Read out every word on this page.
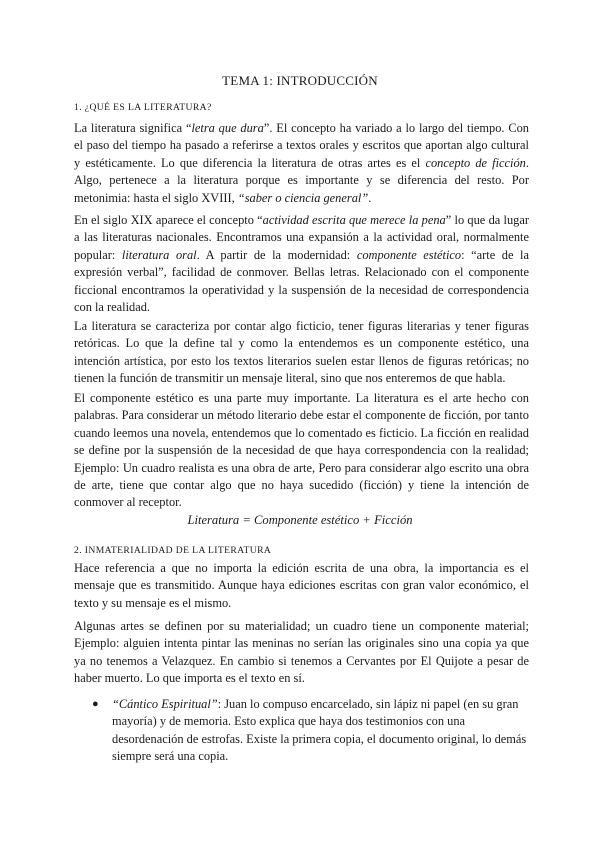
TEMA 1: INTRODUCCIÓN
1. ¿QUÉ ES LA LITERATURA?

La literatura significa “letra que dura”. El concepto ha variado a lo largo del tiempo. Con el paso del tiempo ha pasado a referirse a textos orales y escritos que aportan algo cultural y estéticamente. Lo que diferencia la literatura de otras artes es el concepto de ficción. Algo, pertenece a la literatura porque es importante y se diferencia del resto. Por metonimia: hasta el siglo XVIII, “saber o ciencia general”.

En el siglo XIX aparece el concepto “actividad escrita que merece la pena” lo que da lugar a las literaturas nacionales. Encontramos una expansión a la actividad oral, normalmente popular: literatura oral. A partir de la modernidad: componente estético: “arte de la expresión verbal”, facilidad de conmover. Bellas letras. Relacionado con el componente ficcional encontramos la operatividad y la suspensión de la necesidad de correspondencia con la realidad.

La literatura se caracteriza por contar algo ficticio, tener figuras literarias y tener figuras retóricas. Lo que la define tal y como la entendemos es un componente estético, una intención artística, por esto los textos literarios suelen estar llenos de figuras retóricas; no tienen la función de transmitir un mensaje literal, sino que nos enteremos de que habla.

El componente estético es una parte muy importante. La literatura es el arte hecho con palabras. Para considerar un método literario debe estar el componente de ficción, por tanto cuando leemos una novela, entendemos que lo comentado es ficticio. La ficción en realidad se define por la suspensión de la necesidad de que haya correspondencia con la realidad; Ejemplo: Un cuadro realista es una obra de arte, Pero para considerar algo escrito una obra de arte, tiene que contar algo que no haya sucedido (ficción) y tiene la intención de conmover al receptor.

Literatura = Componente estético + Ficción
2. INMATERIALIDAD DE LA LITERATURA

Hace referencia a que no importa la edición escrita de una obra, la importancia es el mensaje que es transmitido. Aunque haya ediciones escritas con gran valor económico, el texto y su mensaje es el mismo.

Algunas artes se definen por su materialidad; un cuadro tiene un componente material; Ejemplo: alguien intenta pintar las meninas no serían las originales sino una copia ya que ya no tenemos a Velazquez. En cambio si tenemos a Cervantes por El Quijote a pesar de haber muerto. Lo que importa es el texto en sí.

● “Cántico Espiritual”: Juan lo compuso encarcelado, sin lápiz ni papel (en su gran mayoría) y de memoria. Esto explica que haya dos testimonios con una desordenación de estrofas. Existe la primera copia, el documento original, lo demás siempre será una copia.
